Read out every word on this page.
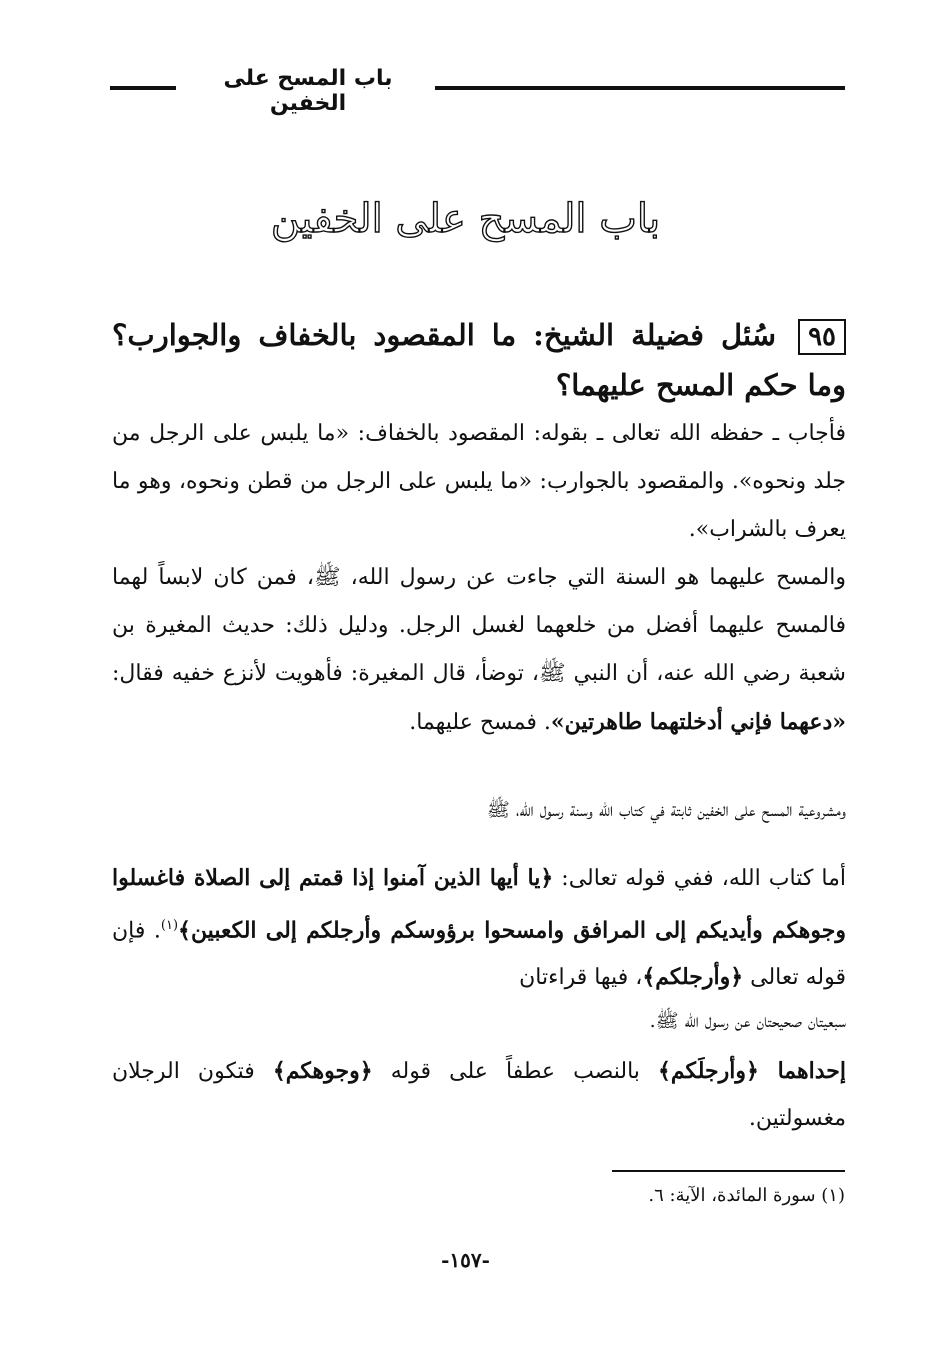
باب المسح على الخفين
باب المسح على الخفين
٩٥سُئل فضيلة الشيخ: ما المقصود بالخفاف والجوارب؟ وما حكم المسح عليهما؟
فأجاب ـ حفظه الله تعالى ـ بقوله: المقصود بالخفاف: «ما يلبس على الرجل من جلد ونحوه». والمقصود بالجوارب: «ما يلبس على الرجل من قطن ونحوه، وهو ما يعرف بالشراب».
والمسح عليهما هو السنة التي جاءت عن رسول الله، ﷺ، فمن كان لابساً لهما فالمسح عليهما أفضل من خلعهما لغسل الرجل. ودليل ذلك: حديث المغيرة بن شعبة رضي الله عنه، أن النبي ﷺ، توضأ، قال المغيرة: فأهويت لأنزع خفيه فقال: «دعهما فإني أدخلتهما طاهرتين». فمسح عليهما.
ومشروعية المسح على الخفين ثابتة في كتاب الله وسنة رسول الله، ﷺ
أما كتاب الله، ففي قوله تعالى: ﴿يا أيها الذين آمنوا إذا قمتم إلى الصلاة فاغسلوا وجوهكم وأيديكم إلى المرافق وامسحوا برؤوسكم وأرجلكم إلى الكعبين﴾$^{(١)}$. فإن قوله تعالى ﴿وأرجلكم﴾، فيها قراءتان
سبعيتان صحيحتان عن رسول الله ﷺ.
إحداهما ﴿وأرجلَكم﴾ بالنصب عطفاً على قوله ﴿وجوهكم﴾ فتكون الرجلان مغسولتين.
(١) سورة المائدة، الآية: ٦.
-١٥٧-
